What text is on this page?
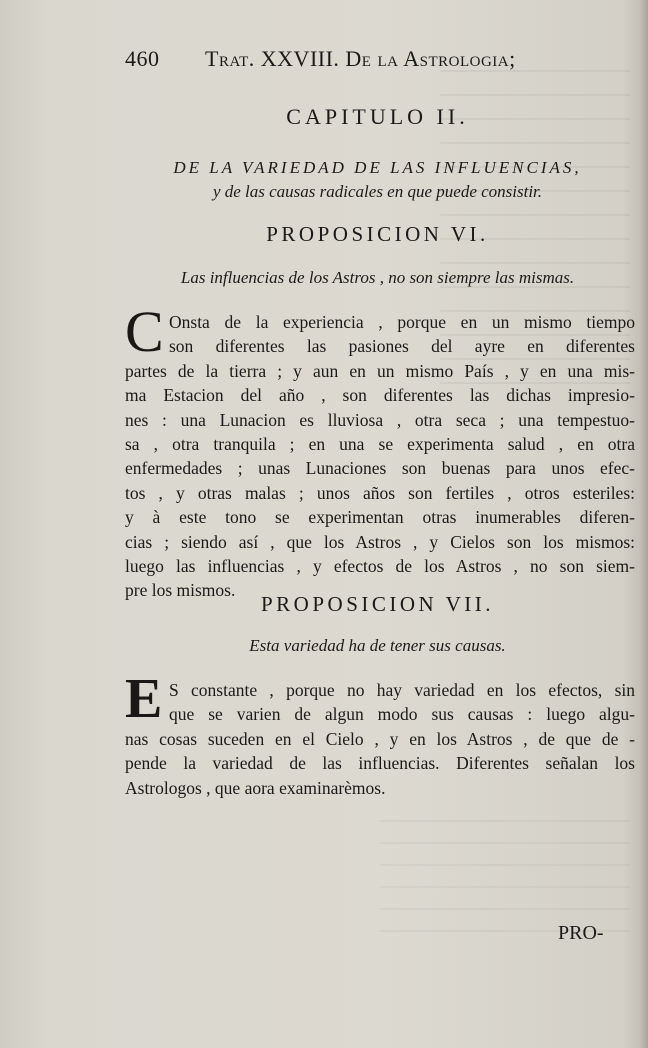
460 Trat. XXVIII. De la Astrologia;
CAPITULO II.
DE LA VARIEDAD DE LAS INFLUENCIAS,
y de las causas radicales en que puede consistir.
PROPOSICION VI.
Las influencias de los Astros , no son siempre las mismas.
C Onsta de la experiencia , porque en un mismo tiempo
son diferentes las pasiones del ayre en diferentes
partes de la tierra ; y aun en un mismo País , y en una mis-
ma Estacion del año , son diferentes las dichas impresio-
nes : una Lunacion es lluviosa , otra seca ; una tempestuo-
sa , otra tranquila ; en una se experimenta salud , en otra
enfermedades ; unas Lunaciones son buenas para unos efec-
tos , y otras malas ; unos años son fertiles , otros esteriles:
y à este tono se experimentan otras inumerables diferen-
cias ; siendo así , que los Astros , y Cielos son los mismos:
luego las influencias , y efectos de los Astros , no son siem-
pre los mismos.
PROPOSICION VII.
Esta variedad ha de tener sus causas.
E S constante , porque no hay variedad en los efectos, sin
que se varien de algun modo sus causas : luego algu-
nas cosas suceden en el Cielo , y en los Astros , de que de -
pende la variedad de las influencias. Diferentes señalan los
Astrologos , que aora examinarèmos.
PRO-
